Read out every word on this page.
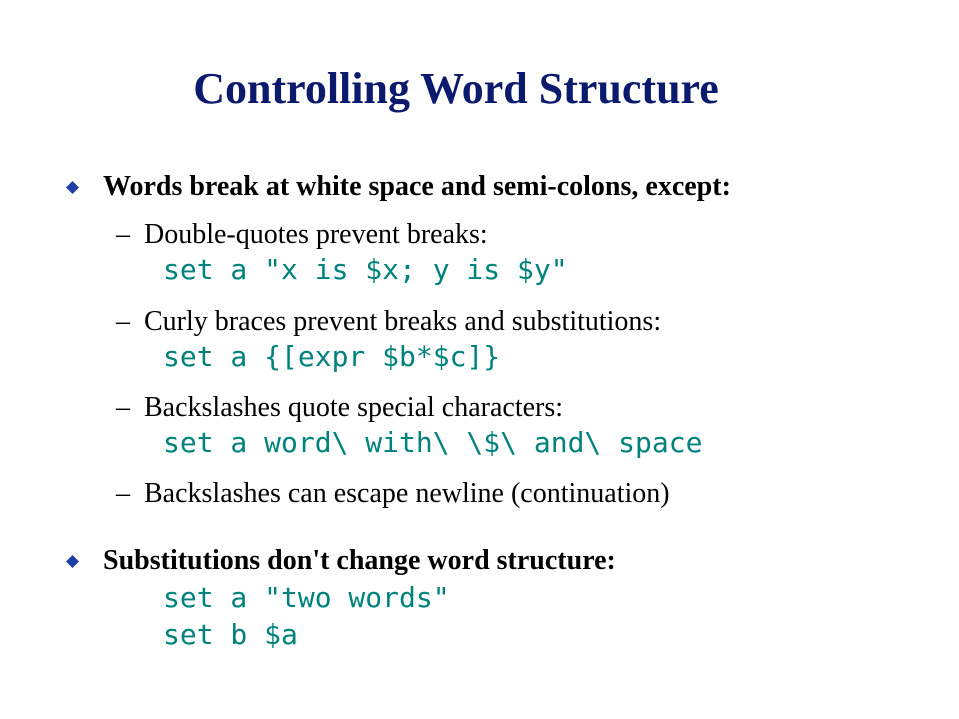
Controlling Word Structure
Words break at white space and semi-colons, except:
– Double-quotes prevent breaks:
set a "x is $x; y is $y"
– Curly braces prevent breaks and substitutions:
set a {[expr $b*$c]}
– Backslashes quote special characters:
set a word\ with\ \$\ and\ space
– Backslashes can escape newline (continuation)
Substitutions don't change word structure:
set a "two words"
set b $a
